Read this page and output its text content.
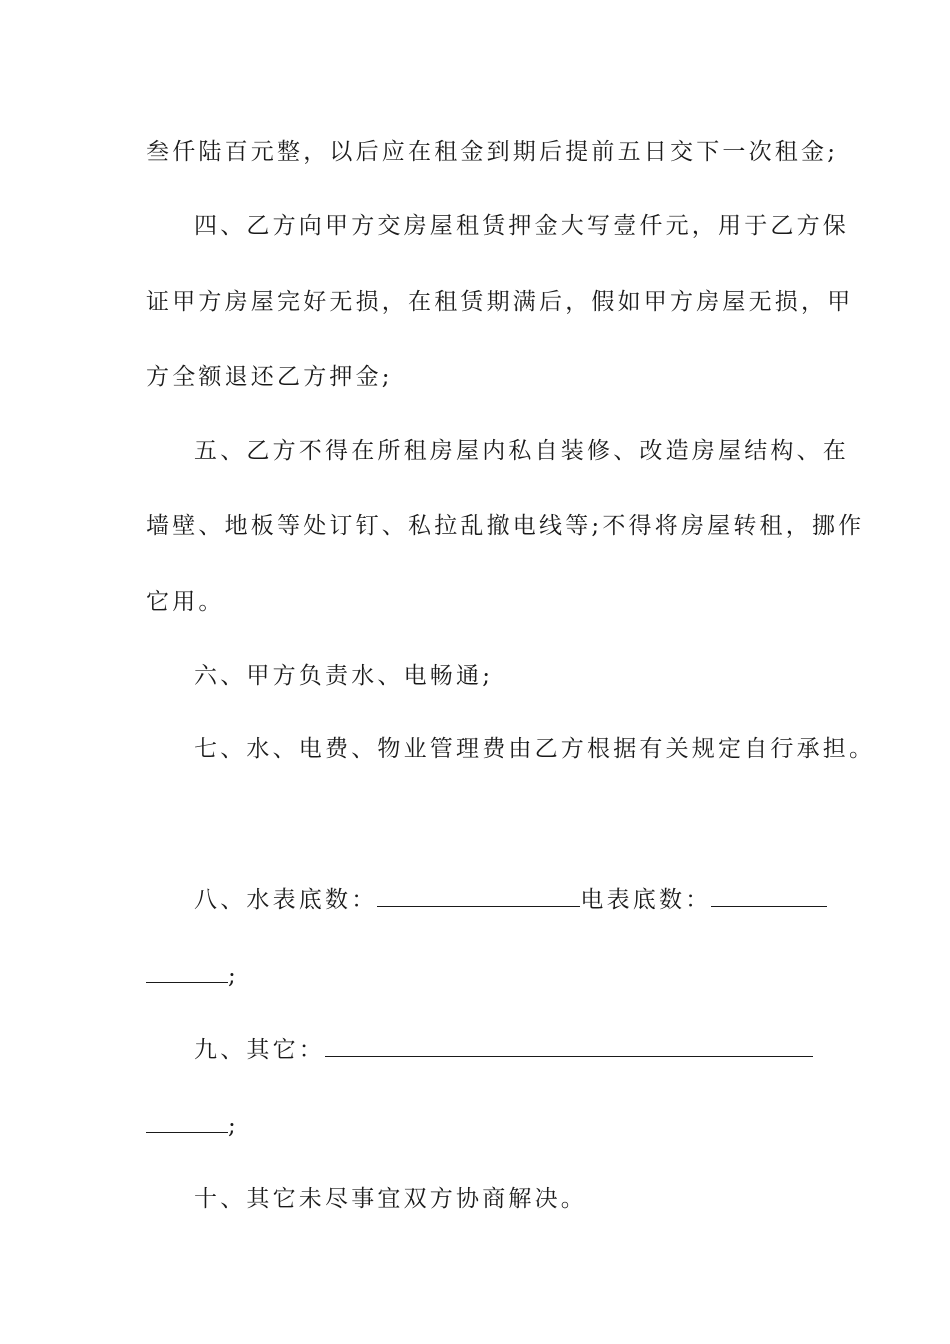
叁仟陆百元整，以后应在租金到期后提前五日交下一次租金;
四、乙方向甲方交房屋租赁押金大写壹仟元，用于乙方保
证甲方房屋完好无损，在租赁期满后，假如甲方房屋无损，甲
方全额退还乙方押金;
五、乙方不得在所租房屋内私自装修、改造房屋结构、在
墙壁、地板等处订钉、私拉乱撤电线等;不得将房屋转租，挪作
它用。
六、甲方负责水、电畅通;
七、水、电费、物业管理费由乙方根据有关规定自行承担。
八、水表底数：	电表底数：
;
九、其它：
;
十、其它未尽事宜双方协商解决。
